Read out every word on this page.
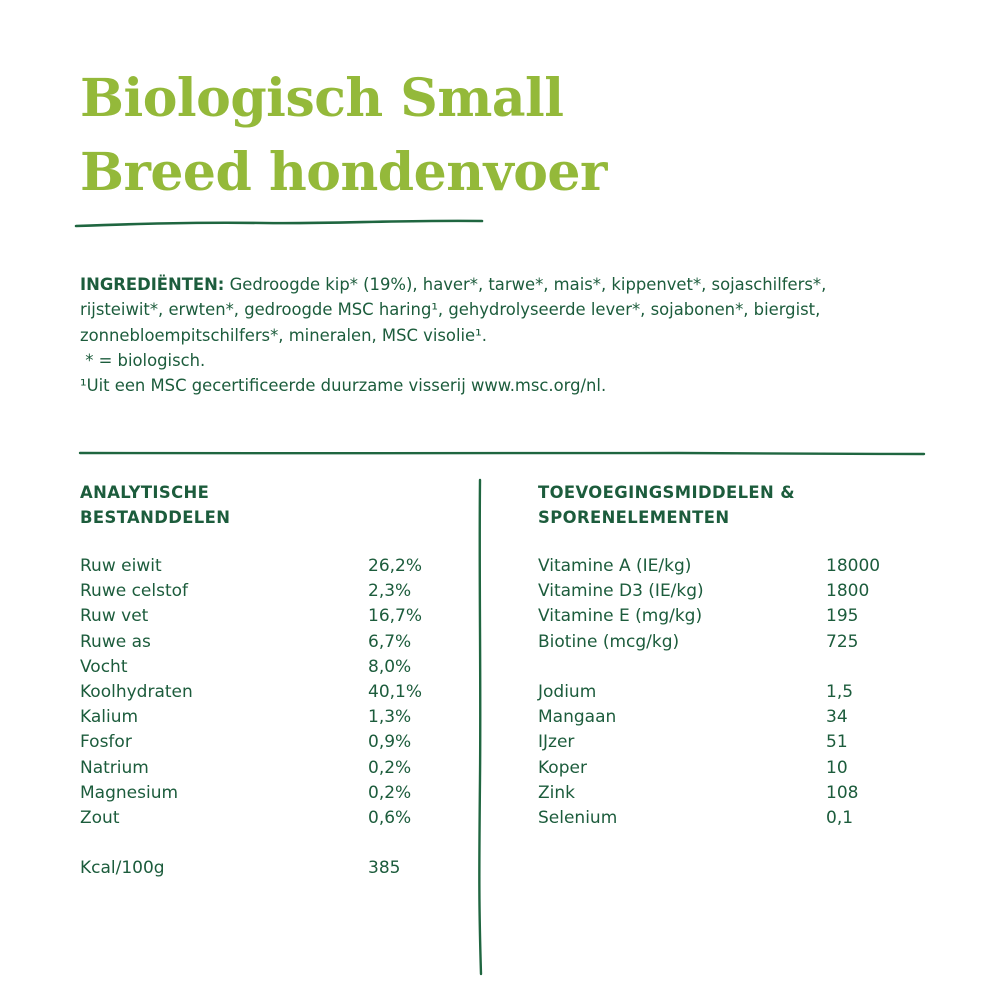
Biologisch Small
Breed hondenvoer
INGREDIËNTEN: Gedroogde kip* (19%), haver*, tarwe*, mais*, kippenvet*, sojaschilfers*,
rijsteiwit*, erwten*, gedroogde MSC haring¹, gehydrolyseerde lever*, sojabonen*, biergist,
zonnebloempitschilfers*, mineralen, MSC visolie¹.
* = biologisch.
¹Uit een MSC gecertificeerde duurzame visserij www.msc.org/nl.
ANALYTISCHE
BESTANDDELEN
Ruw eiwit	26,2%
Ruwe celstof	2,3%
Ruw vet	16,7%
Ruwe as	6,7%
Vocht	8,0%
Koolhydraten	40,1%
Kalium	1,3%
Fosfor	0,9%
Natrium	0,2%
Magnesium	0,2%
Zout	0,6%
Kcal/100g	385
TOEVOEGINGSMIDDELEN &
SPORENELEMENTEN
Vitamine A (IE/kg)	18000
Vitamine D3 (IE/kg)	1800
Vitamine E (mg/kg)	195
Biotine (mcg/kg)	725
Jodium	1,5
Mangaan	34
IJzer	51
Koper	10
Zink	108
Selenium	0,1
